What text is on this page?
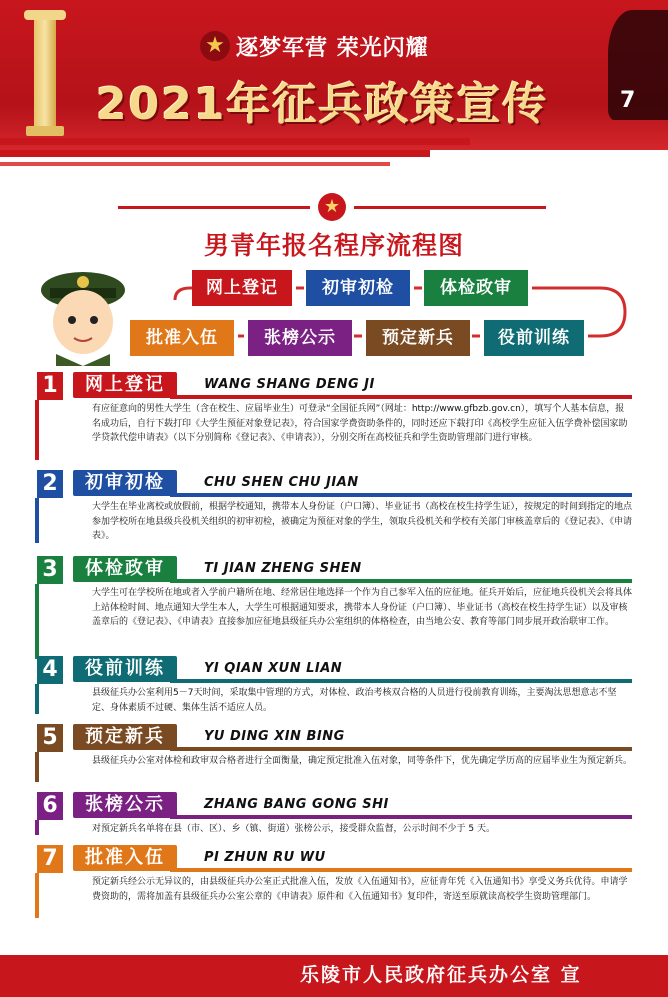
★ 逐梦军营 荣光闪耀
2021年征兵政策宣传	7
★
男青年报名程序流程图
网上登记	初审初检	体检政审
役前训练
预定新兵
张榜公示
批准入伍
1	网上登记	WANG SHANG DENG JI
有应征意向的男性大学生（含在校生、应届毕业生）可登录“全国征兵网”（网址：http://www.gfbzb.gov.cn），填写个人基本信息，报名成功后，自行下载打印《大学生预征对象登记表》，符合国家学费资助条件的，同时还应下载打印《高校学生应征入伍学费补偿国家助学贷款代偿申请表》（以下分别简称《登记表》、《申请表》），分别交所在高校征兵和学生资助管理部门进行审核。
2	初审初检	CHU SHEN CHU JIAN
大学生在毕业离校或放假前，根据学校通知，携带本人身份证（户口簿）、毕业证书（高校在校生持学生证），按规定的时间到指定的地点参加学校所在地县级兵役机关组织的初审初检，被确定为预征对象的学生，领取兵役机关和学校有关部门审核盖章后的《登记表》、《申请表》。
3	体检政审	TI JIAN ZHENG SHEN
大学生可在学校所在地或者入学前户籍所在地、经常居住地选择一个作为自己参军入伍的应征地。征兵开始后，应征地兵役机关会将具体上站体检时间、地点通知大学生本人，大学生可根据通知要求，携带本人身份证（户口簿）、毕业证书（高校在校生持学生证）以及审核盖章后的《登记表》、《申请表》直接参加应征地县级征兵办公室组织的体格检查，由当地公安、教育等部门同步展开政治联审工作。
4	役前训练	YI QIAN XUN LIAN
县级征兵办公室利用5－7天时间，采取集中管理的方式，对体检、政治考核双合格的人员进行役前教育训练，主要淘汰思想意志不坚定、身体素质不过硬、集体生活不适应人员。
5	预定新兵	YU DING XIN BING
县级征兵办公室对体检和政审双合格者进行全面衡量，确定预定批准入伍对象，同等条件下，优先确定学历高的应届毕业生为预定新兵。
6	张榜公示	ZHANG BANG GONG SHI
对预定新兵名单将在县（市、区）、乡（镇、街道）张榜公示，接受群众监督，公示时间不少于 5 天。
7	批准入伍	PI ZHUN RU WU
预定新兵经公示无异议的，由县级征兵办公室正式批准入伍，发放《入伍通知书》，应征青年凭《入伍通知书》享受义务兵优待。申请学费资助的，需将加盖有县级征兵办公室公章的《申请表》原件和《入伍通知书》复印件，寄送至原就读高校学生资助管理部门。
乐陵市人民政府征兵办公室 宣
